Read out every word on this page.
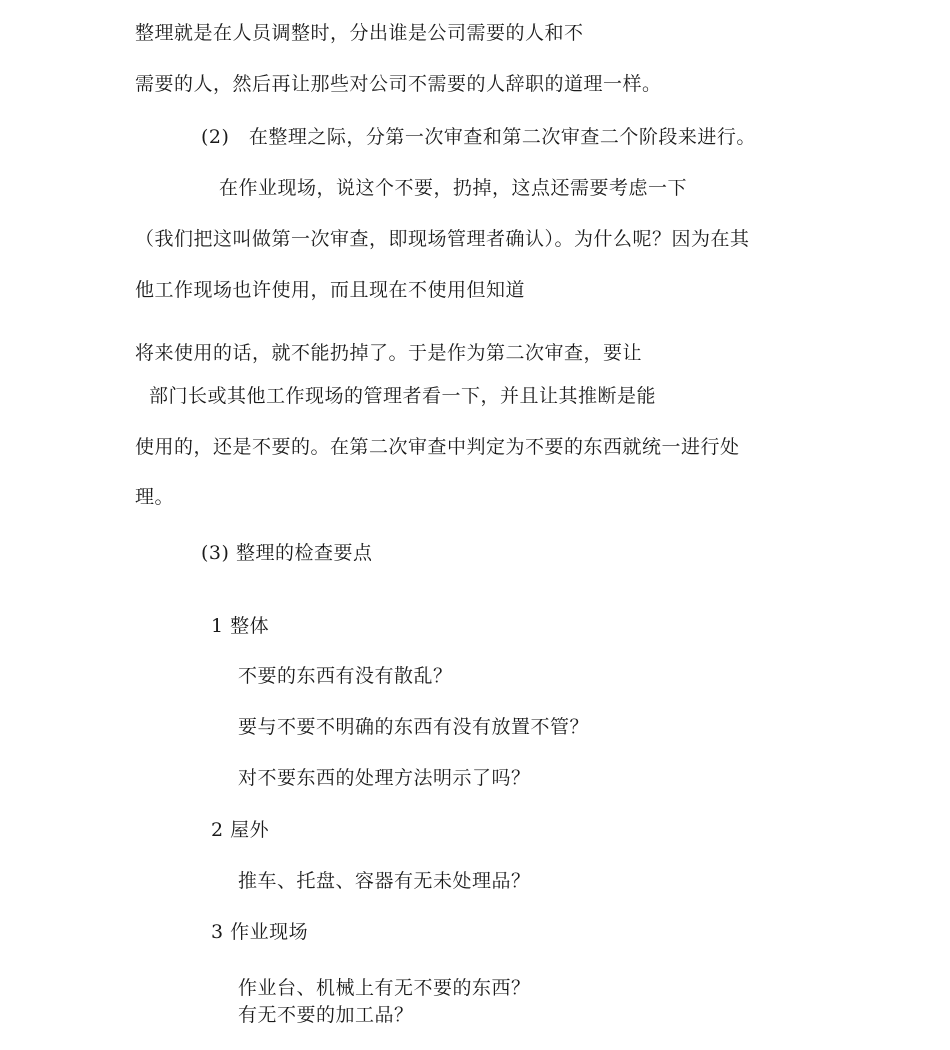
整理就是在人员调整时，分出谁是公司需要的人和不
需要的人，然后再让那些对公司不需要的人辞职的道理一样。
(2)　在整理之际，分第一次审查和第二次审查二个阶段来进行。
在作业现场，说这个不要，扔掉，这点还需要考虑一下
（我们把这叫做第一次审查，即现场管理者确认）。为什么呢？因为在其
他工作现场也许使用，而且现在不使用但知道
将来使用的话，就不能扔掉了。于是作为第二次审查，要让
部门长或其他工作现场的管理者看一下，并且让其推断是能
使用的，还是不要的。在第二次审查中判定为不要的东西就统一进行处
理。
(3) 整理的检查要点
1 整体
不要的东西有没有散乱？
要与不要不明确的东西有没有放置不管？
对不要东西的处理方法明示了吗？
2 屋外
推车、托盘、容器有无未处理品？
3 作业现场
作业台、机械上有无不要的东西？
有无不要的加工品？
